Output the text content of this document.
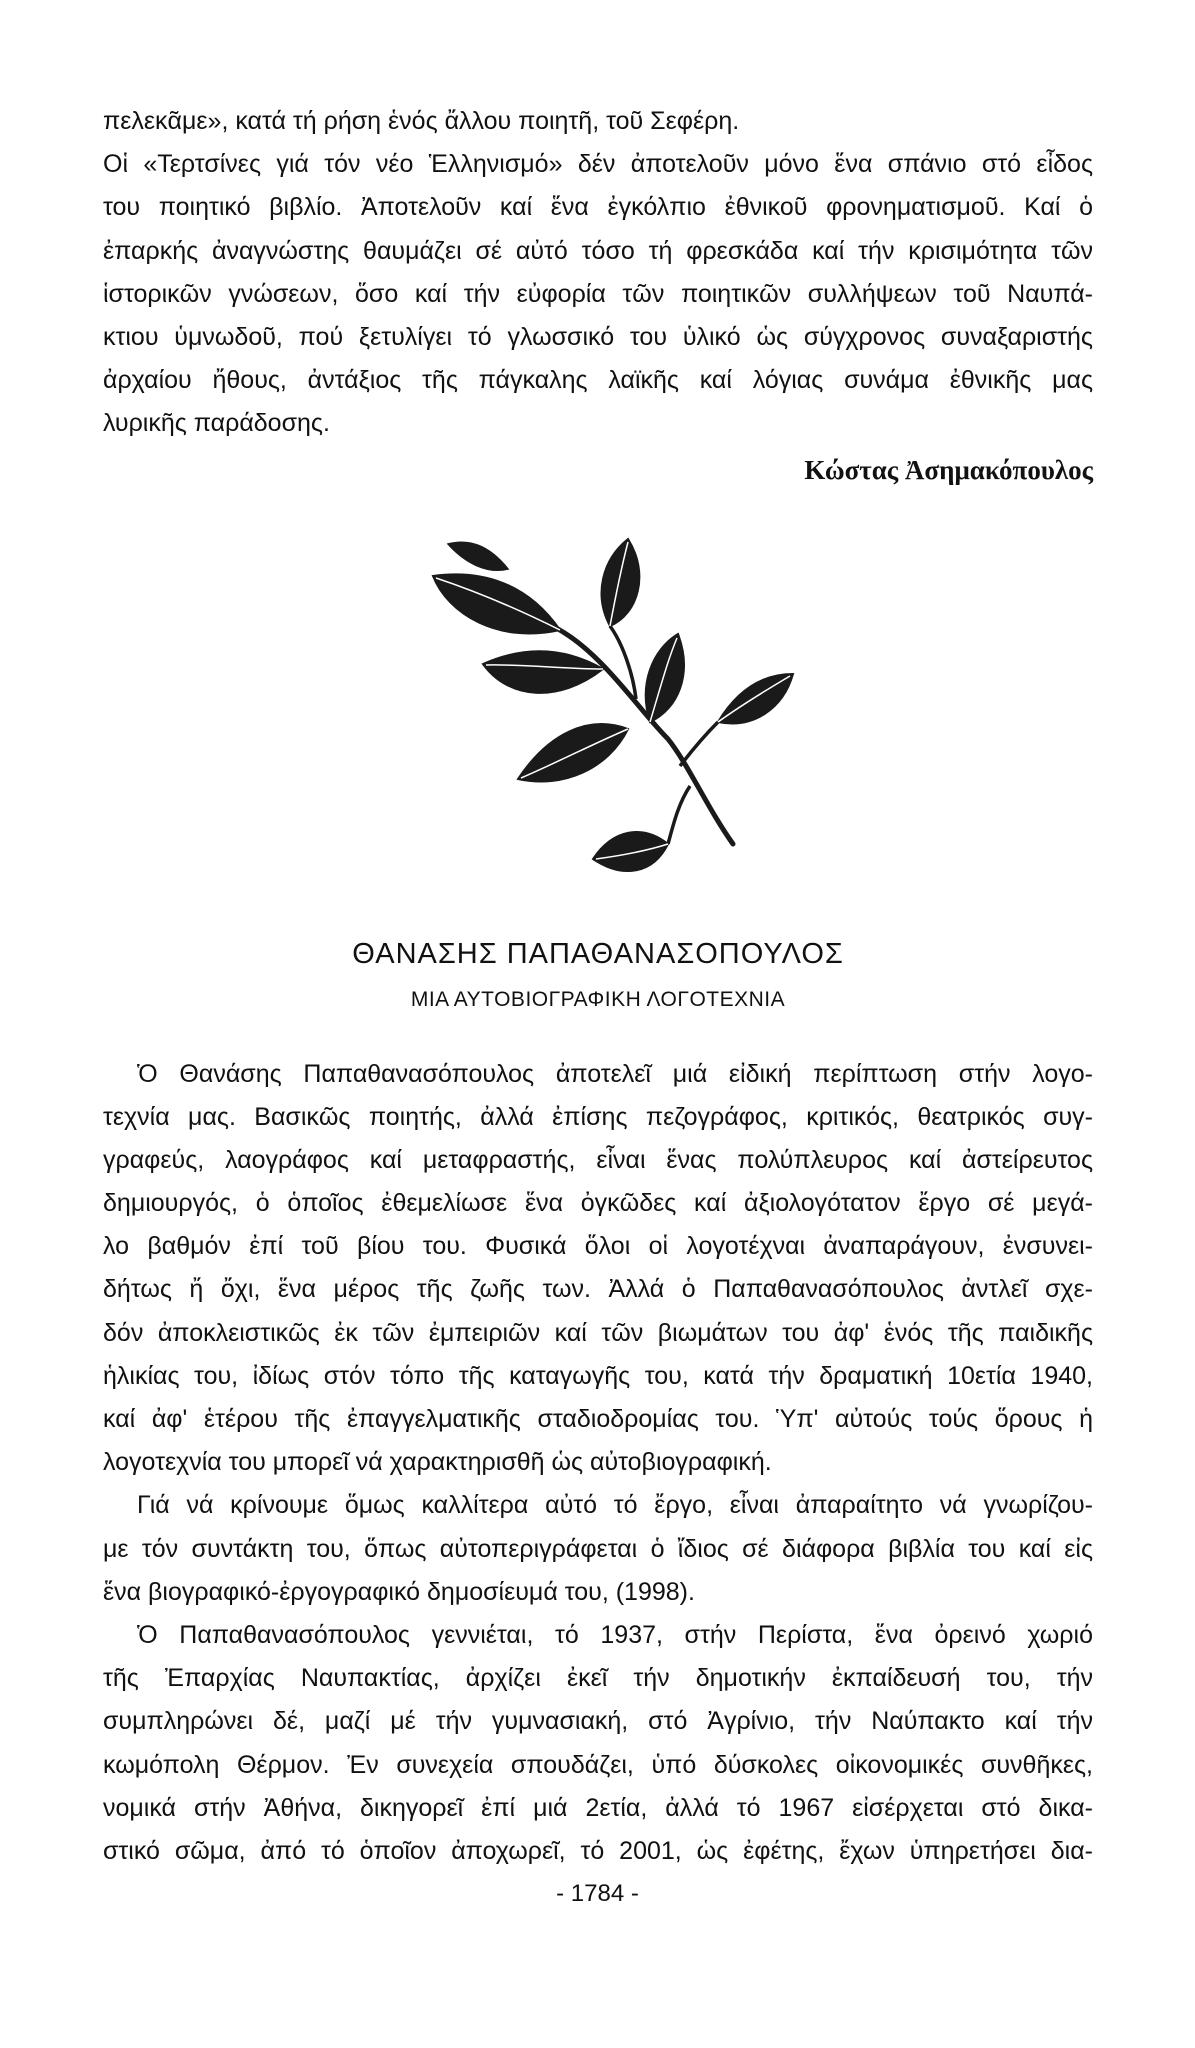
πελεκᾶμε», κατά τή ρήση ἑνός ἄλλου ποιητῆ, τοῦ Σεφέρη.
Οἱ «Τερτσίνες γιά τόν νέο Ἑλληνισμό» δέν ἀποτελοῦν μόνο ἕνα σπάνιο στό εἶδος
του ποιητικό βιβλίο. Ἀποτελοῦν καί ἕνα ἐγκόλπιο ἐθνικοῦ φρονηματισμοῦ. Καί ὁ
ἐπαρκής ἀναγνώστης θαυμάζει σέ αὐτό τόσο τή φρεσκάδα καί τήν κρισιμότητα τῶν
ἱστορικῶν γνώσεων, ὅσο καί τήν εὐφορία τῶν ποιητικῶν συλλήψεων τοῦ Ναυπά-
κτιου ὑμνωδοῦ, πού ξετυλίγει τό γλωσσικό του ὑλικό ὡς σύγχρονος συναξαριστής
ἀρχαίου ἤθους, ἀντάξιος τῆς πάγκαλης λαϊκῆς καί λόγιας συνάμα ἐθνικῆς μας
λυρικῆς παράδοσης.
Κώστας Ἀσημακόπουλος
ΘΑΝΑΣΗΣ ΠΑΠΑΘΑΝΑΣΟΠΟΥΛΟΣ
ΜΙΑ ΑΥΤΟΒΙΟΓΡΑΦΙΚΗ ΛΟΓΟΤΕΧΝΙΑ
Ὁ Θανάσης Παπαθανασόπουλος ἀποτελεῖ μιά εἰδική περίπτωση στήν λογο-
τεχνία μας. Βασικῶς ποιητής, ἀλλά ἐπίσης πεζογράφος, κριτικός, θεατρικός συγ-
γραφεύς, λαογράφος καί μεταφραστής, εἶναι ἕνας πολύπλευρος καί ἀστείρευτος
δημιουργός, ὁ ὁποῖος ἐθεμελίωσε ἕνα ὀγκῶδες καί ἀξιολογότατον ἔργο σέ μεγά-
λο βαθμόν ἐπί τοῦ βίου του. Φυσικά ὅλοι οἱ λογοτέχναι ἀναπαράγουν, ἐνσυνει-
δήτως ἤ ὄχι, ἕνα μέρος τῆς ζωῆς των. Ἀλλά ὁ Παπαθανασόπουλος ἀντλεῖ σχε-
δόν ἀποκλειστικῶς ἐκ τῶν ἐμπειριῶν καί τῶν βιωμάτων του ἀφ' ἑνός τῆς παιδικῆς
ἡλικίας του, ἰδίως στόν τόπο τῆς καταγωγῆς του, κατά τήν δραματική 10ετία 1940,
καί ἀφ' ἑτέρου τῆς ἐπαγγελματικῆς σταδιοδρομίας του. Ὑπ' αὐτούς τούς ὅρους ἡ
λογοτεχνία του μπορεῖ νά χαρακτηρισθῆ ὡς αὐτοβιογραφική.
Γιά νά κρίνουμε ὅμως καλλίτερα αὐτό τό ἔργο, εἶναι ἀπαραίτητο νά γνωρίζου-
με τόν συντάκτη του, ὅπως αὐτοπεριγράφεται ὁ ἴδιος σέ διάφορα βιβλία του καί εἰς
ἕνα βιογραφικό-ἐργογραφικό δημοσίευμά του, (1998).
Ὁ Παπαθανασόπουλος γεννιέται, τό 1937, στήν Περίστα, ἕνα ὀρεινό χωριό
τῆς Ἐπαρχίας Ναυπακτίας, ἀρχίζει ἐκεῖ τήν δημοτικήν ἐκπαίδευσή του, τήν
συμπληρώνει δέ, μαζί μέ τήν γυμνασιακή, στό Ἀγρίνιο, τήν Ναύπακτο καί τήν
κωμόπολη Θέρμον. Ἐν συνεχεία σπουδάζει, ὑπό δύσκολες οἰκονομικές συνθῆκες,
νομικά στήν Ἀθήνα, δικηγορεῖ ἐπί μιά 2ετία, ἀλλά τό 1967 εἰσέρχεται στό δικα-
στικό σῶμα, ἀπό τό ὁποῖον ἀποχωρεῖ, τό 2001, ὡς ἐφέτης, ἔχων ὑπηρετήσει δια-
- 1784 -
